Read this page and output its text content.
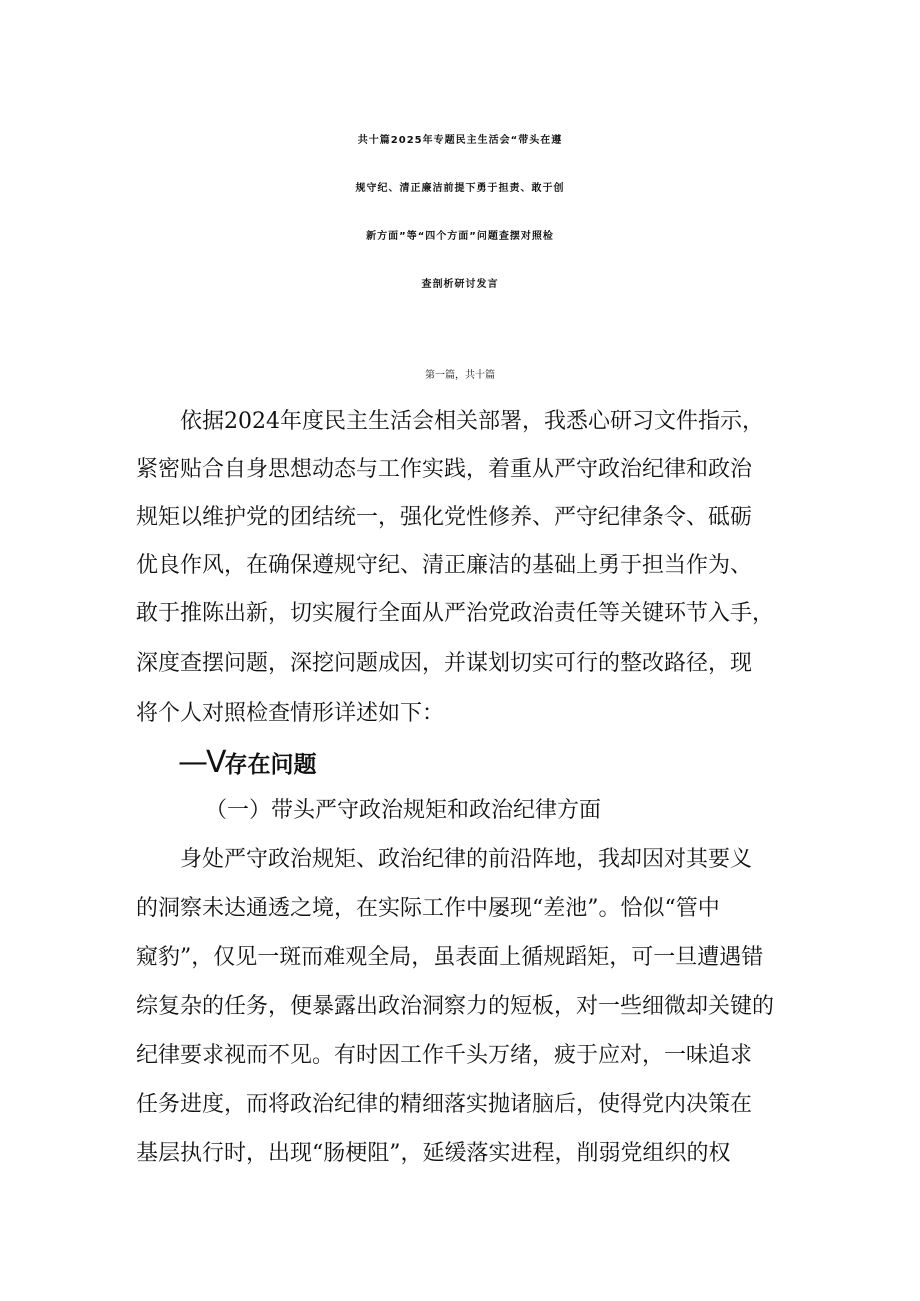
共十篇2025年专题民主生活会“带头在遵
规守纪、清正廉洁前提下勇于担责、敢于创
新方面”等“四个方面”问题查摆对照检
查剖析研讨发言
第一篇，共十篇
依据2024年度民主生活会相关部署，我悉心研习文件指示，
紧密贴合自身思想动态与工作实践，着重从严守政治纪律和政治
规矩以维护党的团结统一，强化党性修养、严守纪律条令、砥砺
优良作风，在确保遵规守纪、清正廉洁的基础上勇于担当作为、
敢于推陈出新，切实履行全面从严治党政治责任等关键环节入手，
深度查摆问题，深挖问题成因，并谋划切实可行的整改路径，现
将个人对照检查情形详述如下：
—V存在问题
（一）带头严守政治规矩和政治纪律方面
身处严守政治规矩、政治纪律的前沿阵地，我却因对其要义
的洞察未达通透之境，在实际工作中屡现“差池”。恰似“管中
窥豹”，仅见一斑而难观全局，虽表面上循规蹈矩，可一旦遭遇错
综复杂的任务，便暴露出政治洞察力的短板，对一些细微却关键的
纪律要求视而不见。有时因工作千头万绪，疲于应对，一味追求
任务进度，而将政治纪律的精细落实抛诸脑后，使得党内决策在
基层执行时，出现“肠梗阻”，延缓落实进程，削弱党组织的权
